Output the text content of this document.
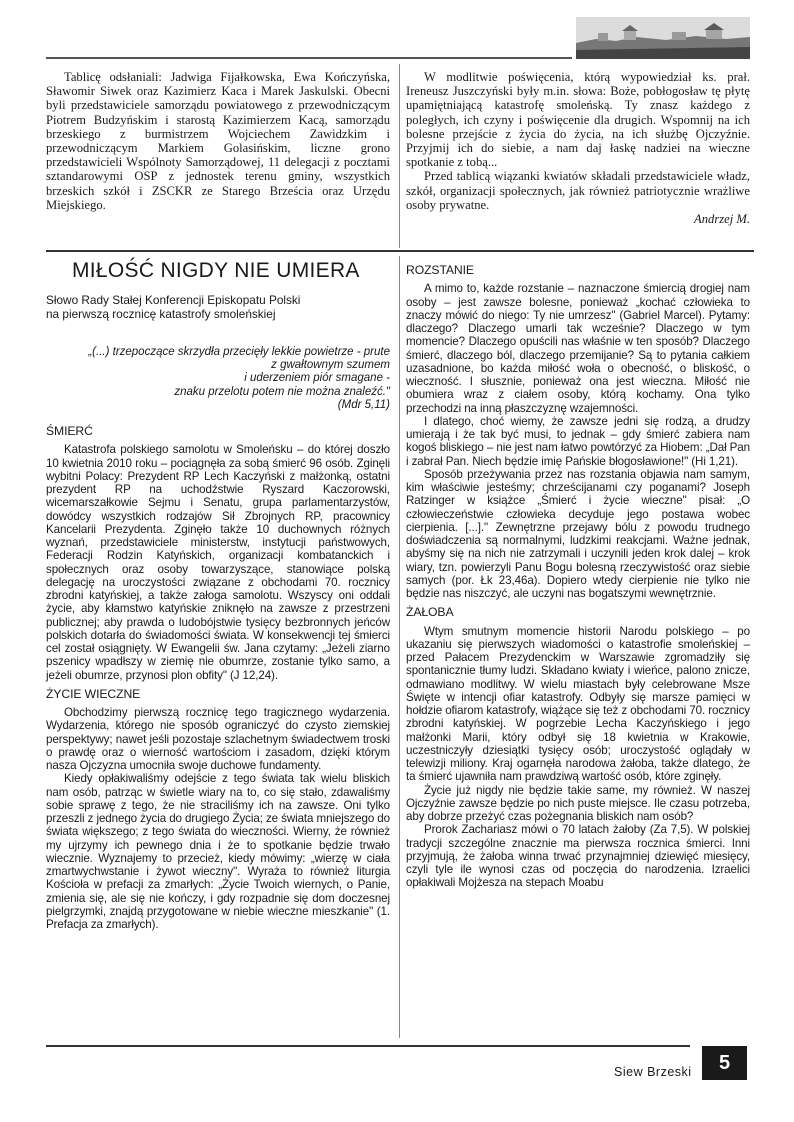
Tablicę odsłaniali: Jadwiga Fijałkowska, Ewa Kończyńska, Sławomir Siwek oraz Kazimierz Kaca i Marek Jaskulski. Obecni byli przedstawiciele samorządu powiatowego z przewodniczącym Piotrem Budzyńskim i starostą Kazimierzem Kacą, samorządu brzeskiego z burmistrzem Wojciechem Zawidzkim i przewodniczącym Markiem Golasińskim, liczne grono przedstawicieli Wspólnoty Samorządowej, 11 delegacji z pocztami sztandarowymi OSP z jednostek terenu gminy, wszystkich brzeskich szkół i ZSCKR ze Starego Brześcia oraz Urzędu Miejskiego.

W modlitwie poświęcenia, którą wypowiedział ks. prał. Ireneusz Juszczyński były m.in. słowa: Boże, pobłogosław tę płytę upamiętniającą katastrofę smoleńską. Ty znasz każdego z poległych, ich czyny i poświęcenie dla drugich. Wspomnij na ich bolesne przejście z życia do życia, na ich służbę Ojczyźnie. Przyjmij ich do siebie, a nam daj łaskę nadziei na wieczne spotkanie z tobą...

Przed tablicą wiązanki kwiatów składali przedstawiciele władz, szkół, organizacji społecznych, jak również patriotycznie wrażliwe osoby prywatne.

Andrzej M.

MIŁOŚĆ NIGDY NIE UMIERA
Słowo Rady Stałej Konferencji Episkopatu Polski
na pierwszą rocznicę katastrofy smoleńskiej
„(...) trzepoczące skrzydła przecięły lekkie powietrze - prute
z gwałtownym szumem
i uderzeniem piór smagane -
znaku przelotu potem nie można znaleźć."
(Mdr 5,11)
ŚMIERĆ

Katastrofa polskiego samolotu w Smoleńsku – do której doszło 10 kwietnia 2010 roku – pociągnęła za sobą śmierć 96 osób. Zginęli wybitni Polacy: Prezydent RP Lech Kaczyński z małżonką, ostatni prezydent RP na uchodźstwie Ryszard Kaczorowski, wicemarszałkowie Sejmu i Senatu, grupa parlamentarzystów, dowódcy wszystkich rodzajów Sił Zbrojnych RP, pracownicy Kancelarii Prezydenta. Zginęło także 10 duchownych różnych wyznań, przedstawiciele ministerstw, instytucji państwowych, Federacji Rodzin Katyńskich, organizacji kombatanckich i społecznych oraz osoby towarzyszące, stanowiące polską delegację na uroczystości związane z obchodami 70. rocznicy zbrodni katyńskiej, a także załoga samolotu. Wszyscy oni oddali życie, aby kłamstwo katyńskie zniknęło na zawsze z przestrzeni publicznej; aby prawda o ludobójstwie tysięcy bezbronnych jeńców polskich dotarła do świadomości świata. W konsekwencji tej śmierci cel został osiągnięty. W Ewangelii św. Jana czytamy: „Jeżeli ziarno pszenicy wpadłszy w ziemię nie obumrze, zostanie tylko samo, a jeżeli obumrze, przynosi plon obfity" (J 12,24).

ŻYCIE WIECZNE

Obchodzimy pierwszą rocznicę tego tragicznego wydarzenia. Wydarzenia, którego nie sposób ograniczyć do czysto ziemskiej perspektywy; nawet jeśli pozostaje szlachetnym świadectwem troski o prawdę oraz o wierność wartościom i zasadom, dzięki którym nasza Ojczyzna umocniła swoje duchowe fundamenty.

Kiedy opłakiwaliśmy odejście z tego świata tak wielu bliskich nam osób, patrząc w świetle wiary na to, co się stało, zdawaliśmy sobie sprawę z tego, że nie straciliśmy ich na zawsze. Oni tylko przeszli z jednego życia do drugiego Życia; ze świata mniejszego do świata większego; z tego świata do wieczności. Wierny, że również my ujrzymy ich pewnego dnia i że to spotkanie będzie trwało wiecznie. Wyznajemy to przecież, kiedy mówimy: „wierzę w ciała zmartwychwstanie i żywot wieczny". Wyraża to również liturgia Kościoła w prefacji za zmarłych: „Życie Twoich wiernych, o Panie, zmienia się, ale się nie kończy, i gdy rozpadnie się dom doczesnej pielgrzymki, znajdą przygotowane w niebie wieczne mieszkanie" (1. Prefacja za zmarłych).

ROZSTANIE

A mimo to, każde rozstanie – naznaczone śmiercią drogiej nam osoby – jest zawsze bolesne, ponieważ „kochać człowieka to znaczy mówić do niego: Ty nie umrzesz" (Gabriel Marcel). Pytamy: dlaczego? Dlaczego umarli tak wcześnie? Dlaczego w tym momencie? Dlaczego opuścili nas właśnie w ten sposób? Dlaczego śmierć, dlaczego ból, dlaczego przemijanie? Są to pytania całkiem uzasadnione, bo każda miłość woła o obecność, o bliskość, o wieczność. I słusznie, ponieważ ona jest wieczna. Miłość nie obumiera wraz z ciałem osoby, którą kochamy. Ona tylko przechodzi na inną płaszczyznę wzajemności.

I dlatego, choć wiemy, że zawsze jedni się rodzą, a drudzy umierają i że tak być musi, to jednak – gdy śmierć zabiera nam kogoś bliskiego – nie jest nam łatwo powtórzyć za Hiobem: „Dał Pan i zabrał Pan. Niech będzie imię Pańskie błogosławione!" (Hi 1,21).

Sposób przeżywania przez nas rozstania objawia nam samym, kim właściwie jesteśmy; chrześcijanami czy poganami? Joseph Ratzinger w książce „Śmierć i życie wieczne" pisał: „O człowieczeństwie człowieka decyduje jego postawa wobec cierpienia. [...]." Zewnętrzne przejawy bólu z powodu trudnego doświadczenia są normalnymi, ludzkimi reakcjami. Ważne jednak, abyśmy się na nich nie zatrzymali i uczynili jeden krok dalej – krok wiary, tzn. powierzyli Panu Bogu bolesną rzeczywistość oraz siebie samych (por. Łk 23,46a). Dopiero wtedy cierpienie nie tylko nie będzie nas niszczyć, ale uczyni nas bogatszymi wewnętrznie.

ŻAŁOBA

Wtym smutnym momencie historii Narodu polskiego – po ukazaniu się pierwszych wiadomości o katastrofie smoleńskiej – przed Pałacem Prezydenckim w Warszawie zgromadziły się spontanicznie tłumy ludzi. Składano kwiaty i wieńce, palono znicze, odmawiano modlitwy. W wielu miastach były celebrowane Msze Święte w intencji ofiar katastrofy. Odbyły się marsze pamięci w hołdzie ofiarom katastrofy, wiążące się też z obchodami 70. rocznicy zbrodni katyńskiej. W pogrzebie Lecha Kaczyńskiego i jego małżonki Marii, który odbył się 18 kwietnia w Krakowie, uczestniczyły dziesiątki tysięcy osób; uroczystość oglądały w telewizji miliony. Kraj ogarnęła narodowa żałoba, także dlatego, że ta śmierć ujawniła nam prawdziwą wartość osób, które zginęły.

Życie już nigdy nie będzie takie same, my również. W naszej Ojczyźnie zawsze będzie po nich puste miejsce. Ile czasu potrzeba, aby dobrze przeżyć czas pożegnania bliskich nam osób?

Prorok Zachariasz mówi o 70 latach żałoby (Za 7,5). W polskiej tradycji szczególne znacznie ma pierwsza rocznica śmierci. Inni przyjmują, że żałoba winna trwać przynajmniej dziewięć miesięcy, czyli tyle ile wynosi czas od poczęcia do narodzenia. Izraelici opłakiwali Mojżesza na stepach Moabu

Siew Brzeski	5
